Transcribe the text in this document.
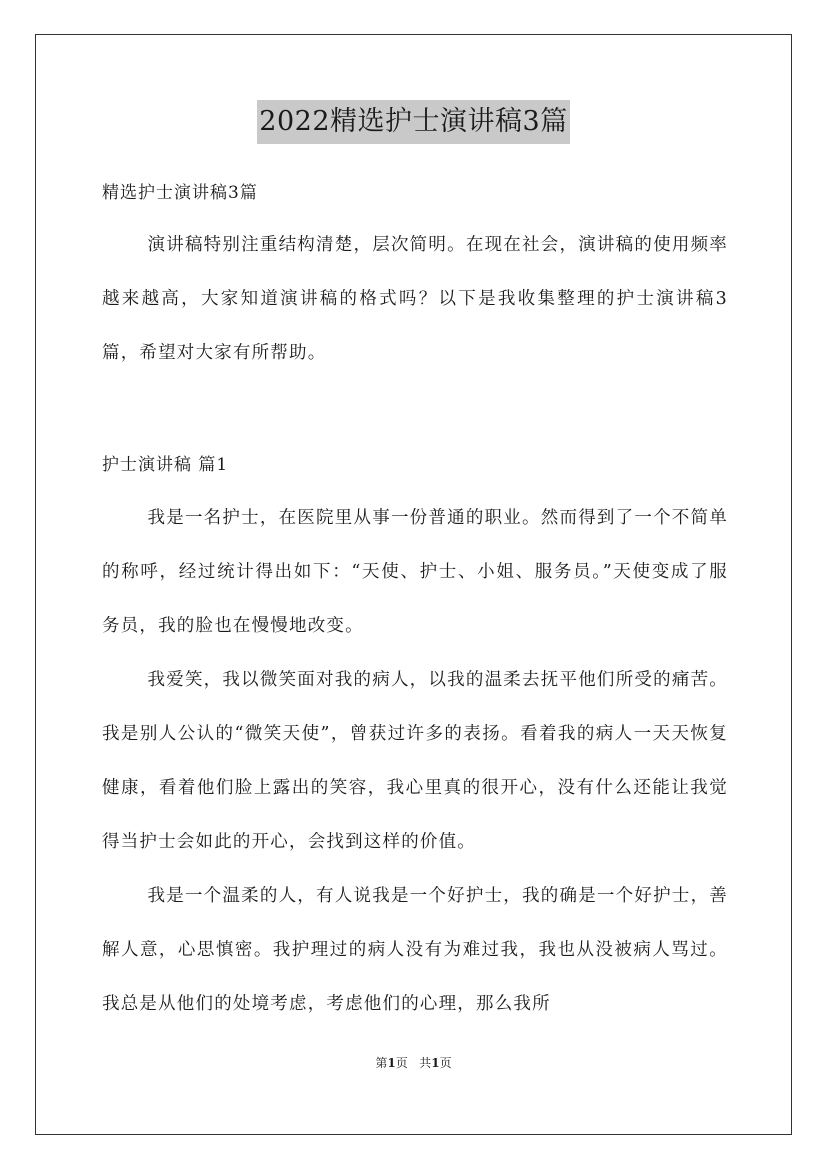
2022精选护士演讲稿3篇
精选护士演讲稿3篇

演讲稿特别注重结构清楚，层次简明。在现在社会，演讲稿的使用频率越来越高，大家知道演讲稿的格式吗？以下是我收集整理的护士演讲稿3篇，希望对大家有所帮助。

护士演讲稿 篇1

我是一名护士，在医院里从事一份普通的职业。然而得到了一个不简单的称呼，经过统计得出如下：“天使、护士、小姐、服务员。”天使变成了服务员，我的脸也在慢慢地改变。

我爱笑，我以微笑面对我的病人，以我的温柔去抚平他们所受的痛苦。我是别人公认的“微笑天使”，曾获过许多的表扬。看着我的病人一天天恢复健康，看着他们脸上露出的笑容，我心里真的很开心，没有什么还能让我觉得当护士会如此的开心，会找到这样的价值。

我是一个温柔的人，有人说我是一个好护士，我的确是一个好护士，善解人意，心思慎密。我护理过的病人没有为难过我，我也从没被病人骂过。我总是从他们的处境考虑，考虑他们的心理，那么我所

第1页 共1页
